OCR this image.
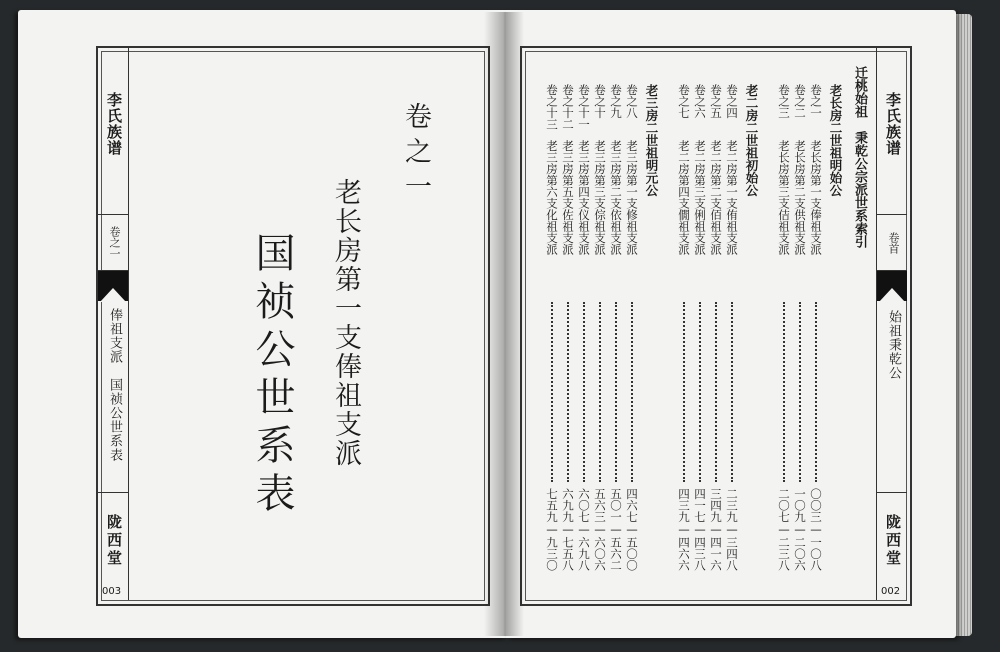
李氏族谱
卷之一
俸祖支派　国祯公世系表
陇西堂
003
卷之一
老长房第一支俸祖支派
国祯公世系表
李氏族谱
卷首
始祖秉乾公
陇西堂
002
迁桃始祖　秉乾公宗派世系索引
老长房二世祖明始公
卷之一
老长房第一支俸祖支派
〇〇三—一〇八
卷之二
老长房第二支供祖支派
一〇九—二〇六
卷之三
老长房第三支佶祖支派
二〇七—二三八
老二房二世祖初始公
卷之四
老二房第一支侑祖支派
二三九—三四八
卷之五
老二房第二支佰祖支派
三四九—四一六
卷之六
老二房第三支俐祖支派
四一七—四三八
卷之七
老二房第四支僩祖支派
四三九—四六六
老三房二世祖明元公
卷之八
老三房第一支修祖支派
四六七—五〇〇
卷之九
老三房第二支依祖支派
五〇一—五六二
卷之十
老三房第三支倧祖支派
五六三—六〇六
卷之十一
老三房第四支仪祖支派
六〇七—六九八
卷之十二
老三房第五支佐祖支派
六九九—七五八
卷之十三
老三房第六支化祖支派
七五九—九三〇
